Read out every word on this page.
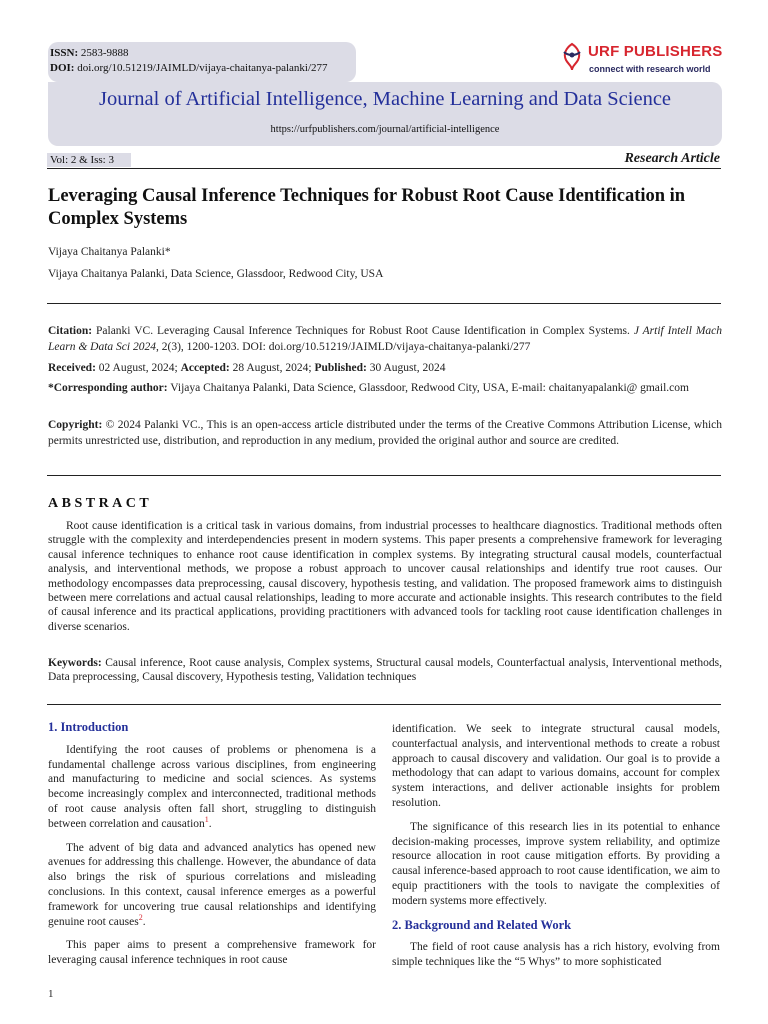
ISSN: 2583-9888
DOI: doi.org/10.51219/JAIMLD/vijaya-chaitanya-palanki/277
URF PUBLISHERS
connect with research world
Journal of Artificial Intelligence, Machine Learning and Data Science
https://urfpublishers.com/journal/artificial-intelligence
Vol: 2 & Iss: 3	Research Article
Leveraging Causal Inference Techniques for Robust Root Cause Identification in Complex Systems
Vijaya Chaitanya Palanki*
Vijaya Chaitanya Palanki, Data Science, Glassdoor, Redwood City, USA
Citation: Palanki VC. Leveraging Causal Inference Techniques for Robust Root Cause Identification in Complex Systems. J Artif Intell Mach Learn & Data Sci 2024, 2(3), 1200-1203. DOI: doi.org/10.51219/JAIMLD/vijaya-chaitanya-palanki/277
Received: 02 August, 2024; Accepted: 28 August, 2024; Published: 30 August, 2024
*Corresponding author: Vijaya Chaitanya Palanki, Data Science, Glassdoor, Redwood City, USA, E-mail: chaitanyapalanki@ gmail.com
Copyright: © 2024 Palanki VC., This is an open-access article distributed under the terms of the Creative Commons Attribution License, which permits unrestricted use, distribution, and reproduction in any medium, provided the original author and source are credited.
ABSTRACT
Root cause identification is a critical task in various domains, from industrial processes to healthcare diagnostics. Traditional methods often struggle with the complexity and interdependencies present in modern systems. This paper presents a comprehensive framework for leveraging causal inference techniques to enhance root cause identification in complex systems. By integrating structural causal models, counterfactual analysis, and interventional methods, we propose a robust approach to uncover causal relationships and identify true root causes. Our methodology encompasses data preprocessing, causal discovery, hypothesis testing, and validation. The proposed framework aims to distinguish between mere correlations and actual causal relationships, leading to more accurate and actionable insights. This research contributes to the field of causal inference and its practical applications, providing practitioners with advanced tools for tackling root cause identification challenges in diverse scenarios.
Keywords: Causal inference, Root cause analysis, Complex systems, Structural causal models, Counterfactual analysis, Interventional methods, Data preprocessing, Causal discovery, Hypothesis testing, Validation techniques
1. Introduction

Identifying the root causes of problems or phenomena is a fundamental challenge across various disciplines, from engineering and manufacturing to medicine and social sciences. As systems become increasingly complex and interconnected, traditional methods of root cause analysis often fall short, struggling to distinguish between correlation and causation$^1$.

The advent of big data and advanced analytics has opened new avenues for addressing this challenge. However, the abundance of data also brings the risk of spurious correlations and misleading conclusions. In this context, causal inference emerges as a powerful framework for uncovering true causal relationships and identifying genuine root causes$^2$.

This paper aims to present a comprehensive framework for leveraging causal inference techniques in root cause

identification. We seek to integrate structural causal models, counterfactual analysis, and interventional methods to create a robust approach to causal discovery and validation. Our goal is to provide a methodology that can adapt to various domains, account for complex system interactions, and deliver actionable insights for problem resolution.

The significance of this research lies in its potential to enhance decision-making processes, improve system reliability, and optimize resource allocation in root cause mitigation efforts. By providing a causal inference-based approach to root cause identification, we aim to equip practitioners with the tools to navigate the complexities of modern systems more effectively.

2. Background and Related Work

The field of root cause analysis has a rich history, evolving from simple techniques like the “5 Whys” to more sophisticated

1
